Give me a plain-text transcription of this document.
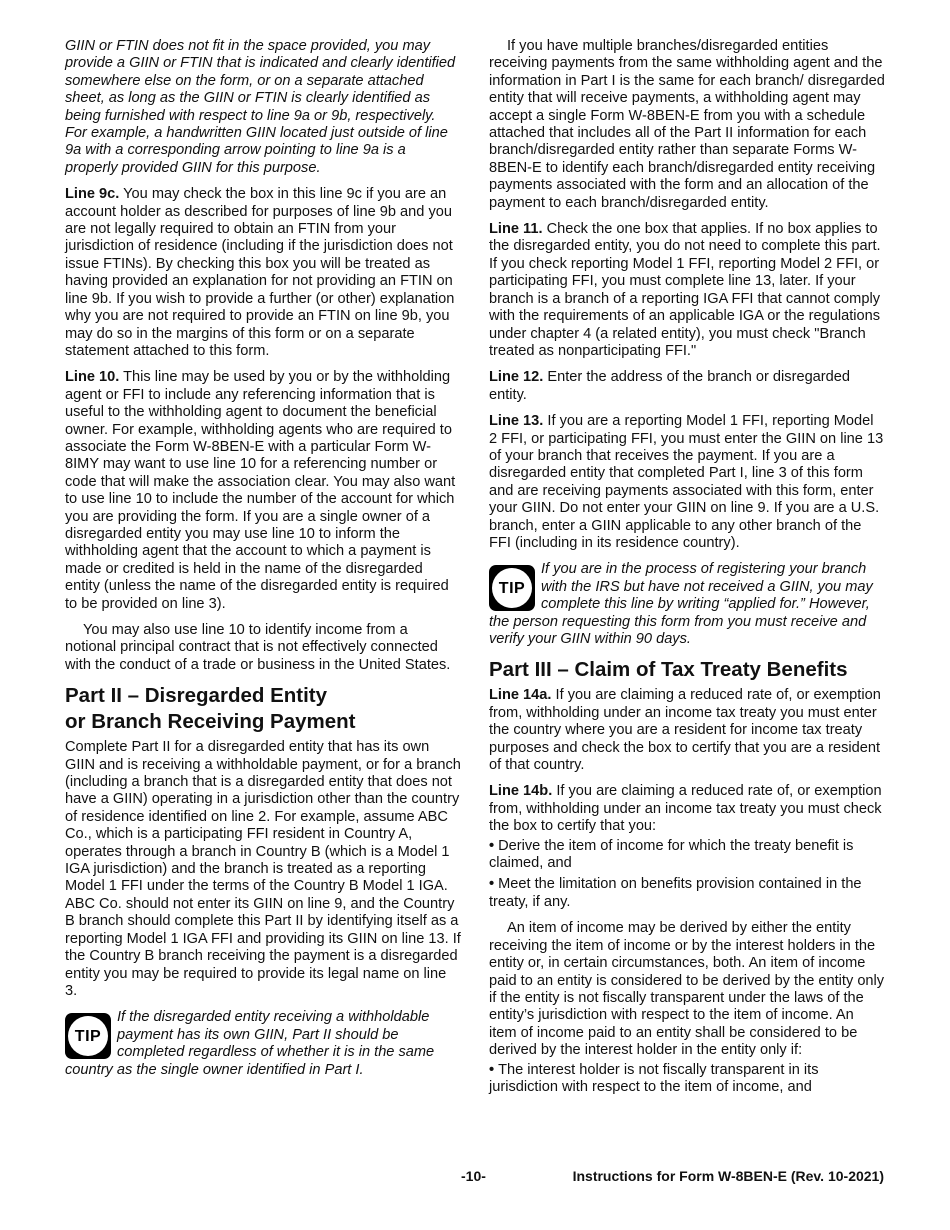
GIIN or FTIN does not fit in the space provided, you may provide a GIIN or FTIN that is indicated and clearly identified somewhere else on the form, or on a separate attached sheet, as long as the GIIN or FTIN is clearly identified as being furnished with respect to line 9a or 9b, respectively. For example, a handwritten GIIN located just outside of line 9a with a corresponding arrow pointing to line 9a is a properly provided GIIN for this purpose.

Line 9c. You may check the box in this line 9c if you are an account holder as described for purposes of line 9b and you are not legally required to obtain an FTIN from your jurisdiction of residence (including if the jurisdiction does not issue FTINs). By checking this box you will be treated as having provided an explanation for not providing an FTIN on line 9b. If you wish to provide a further (or other) explanation why you are not required to provide an FTIN on line 9b, you may do so in the margins of this form or on a separate statement attached to this form.

Line 10. This line may be used by you or by the withholding agent or FFI to include any referencing information that is useful to the withholding agent to document the beneficial owner. For example, withholding agents who are required to associate the Form W-8BEN-E with a particular Form W-8IMY may want to use line 10 for a referencing number or code that will make the association clear. You may also want to use line 10 to include the number of the account for which you are providing the form. If you are a single owner of a disregarded entity you may use line 10 to inform the withholding agent that the account to which a payment is made or credited is held in the name of the disregarded entity (unless the name of the disregarded entity is required to be provided on line 3).

You may also use line 10 to identify income from a notional principal contract that is not effectively connected with the conduct of a trade or business in the United States.

Part II – Disregarded Entity
or Branch Receiving Payment

Complete Part II for a disregarded entity that has its own GIIN and is receiving a withholdable payment, or for a branch (including a branch that is a disregarded entity that does not have a GIIN) operating in a jurisdiction other than the country of residence identified on line 2. For example, assume ABC Co., which is a participating FFI resident in Country A, operates through a branch in Country B (which is a Model 1 IGA jurisdiction) and the branch is treated as a reporting Model 1 FFI under the terms of the Country B Model 1 IGA. ABC Co. should not enter its GIIN on line 9, and the Country B branch should complete this Part II by identifying itself as a reporting Model 1 IGA FFI and providing its GIIN on line 13. If the Country B branch receiving the payment is a disregarded entity you may be required to provide its legal name on line 3.

TIP
If the disregarded entity receiving a withholdable payment has its own GIIN, Part II should be completed regardless of whether it is in the same country as the single owner identified in Part I.

If you have multiple branches/disregarded entities receiving payments from the same withholding agent and the information in Part I is the same for each branch/ disregarded entity that will receive payments, a withholding agent may accept a single Form W-8BEN-E from you with a schedule attached that includes all of the Part II information for each branch/disregarded entity rather than separate Forms W-8BEN-E to identify each branch/disregarded entity receiving payments associated with the form and an allocation of the payment to each branch/disregarded entity.

Line 11. Check the one box that applies. If no box applies to the disregarded entity, you do not need to complete this part. If you check reporting Model 1 FFI, reporting Model 2 FFI, or participating FFI, you must complete line 13, later. If your branch is a branch of a reporting IGA FFI that cannot comply with the requirements of an applicable IGA or the regulations under chapter 4 (a related entity), you must check "Branch treated as nonparticipating FFI."

Line 12. Enter the address of the branch or disregarded entity.

Line 13. If you are a reporting Model 1 FFI, reporting Model 2 FFI, or participating FFI, you must enter the GIIN on line 13 of your branch that receives the payment. If you are a disregarded entity that completed Part I, line 3 of this form and are receiving payments associated with this form, enter your GIIN. Do not enter your GIIN on line 9. If you are a U.S. branch, enter a GIIN applicable to any other branch of the FFI (including in its residence country).

TIP
If you are in the process of registering your branch with the IRS but have not received a GIIN, you may complete this line by writing “applied for.” However, the person requesting this form from you must receive and verify your GIIN within 90 days.
Part III – Claim of Tax Treaty Benefits

Line 14a. If you are claiming a reduced rate of, or exemption from, withholding under an income tax treaty you must enter the country where you are a resident for income tax treaty purposes and check the box to certify that you are a resident of that country.

Line 14b. If you are claiming a reduced rate of, or exemption from, withholding under an income tax treaty you must check the box to certify that you:

• Derive the item of income for which the treaty benefit is claimed, and

• Meet the limitation on benefits provision contained in the treaty, if any.

An item of income may be derived by either the entity receiving the item of income or by the interest holders in the entity or, in certain circumstances, both. An item of income paid to an entity is considered to be derived by the entity only if the entity is not fiscally transparent under the laws of the entity’s jurisdiction with respect to the item of income. An item of income paid to an entity shall be considered to be derived by the interest holder in the entity only if:

• The interest holder is not fiscally transparent in its jurisdiction with respect to the item of income, and

-10-	Instructions for Form W-8BEN-E (Rev. 10-2021)
